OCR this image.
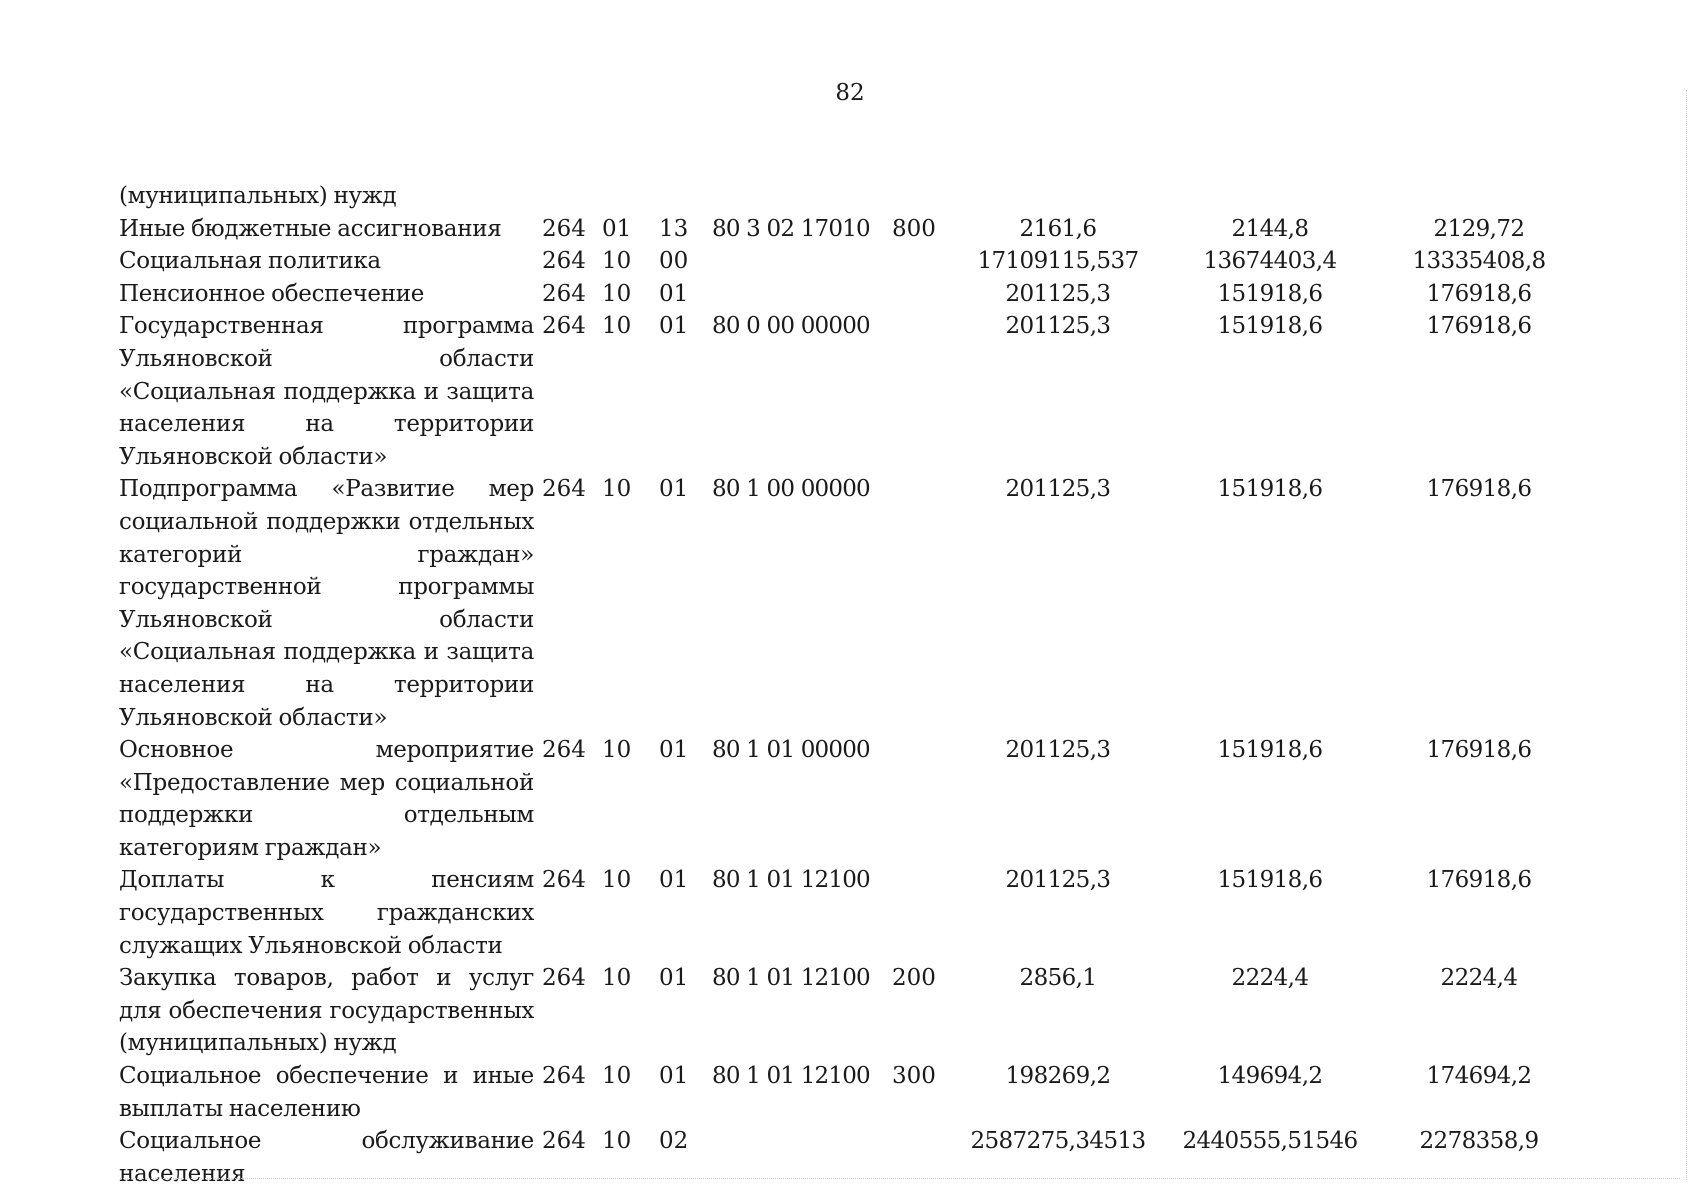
82
(муниципальных) нужд								
Иные бюджетные ассигнования	264	01	13	80 3 02 17010	800	2161,6	2144,8	2129,72
Социальная политика	264	10	00			17109115,537	13674403,4	13335408,8
Пенсионное обеспечение	264	10	01			201125,3	151918,6	176918,6
Государственная программа Ульяновской области «Социальная поддержка и защита населения на территории Ульяновской области»	264	10	01	80 0 00 00000		201125,3	151918,6	176918,6
Подпрограмма «Развитие мер социальной поддержки отдельных категорий граждан» государственной программы Ульяновской области «Социальная поддержка и защита населения на территории Ульяновской области»	264	10	01	80 1 00 00000		201125,3	151918,6	176918,6
Основное мероприятие «Предоставление мер социальной поддержки отдельным категориям граждан»	264	10	01	80 1 01 00000		201125,3	151918,6	176918,6
Доплаты к пенсиям государственных гражданских служащих Ульяновской области	264	10	01	80 1 01 12100		201125,3	151918,6	176918,6
Закупка товаров, работ и услуг для обеспечения государственных (муниципальных) нужд	264	10	01	80 1 01 12100	200	2856,1	2224,4	2224,4
Социальное обеспечение и иные выплаты населению	264	10	01	80 1 01 12100	300	198269,2	149694,2	174694,2
Социальное обслуживание населения	264	10	02			2587275,34513	2440555,51546	2278358,9
